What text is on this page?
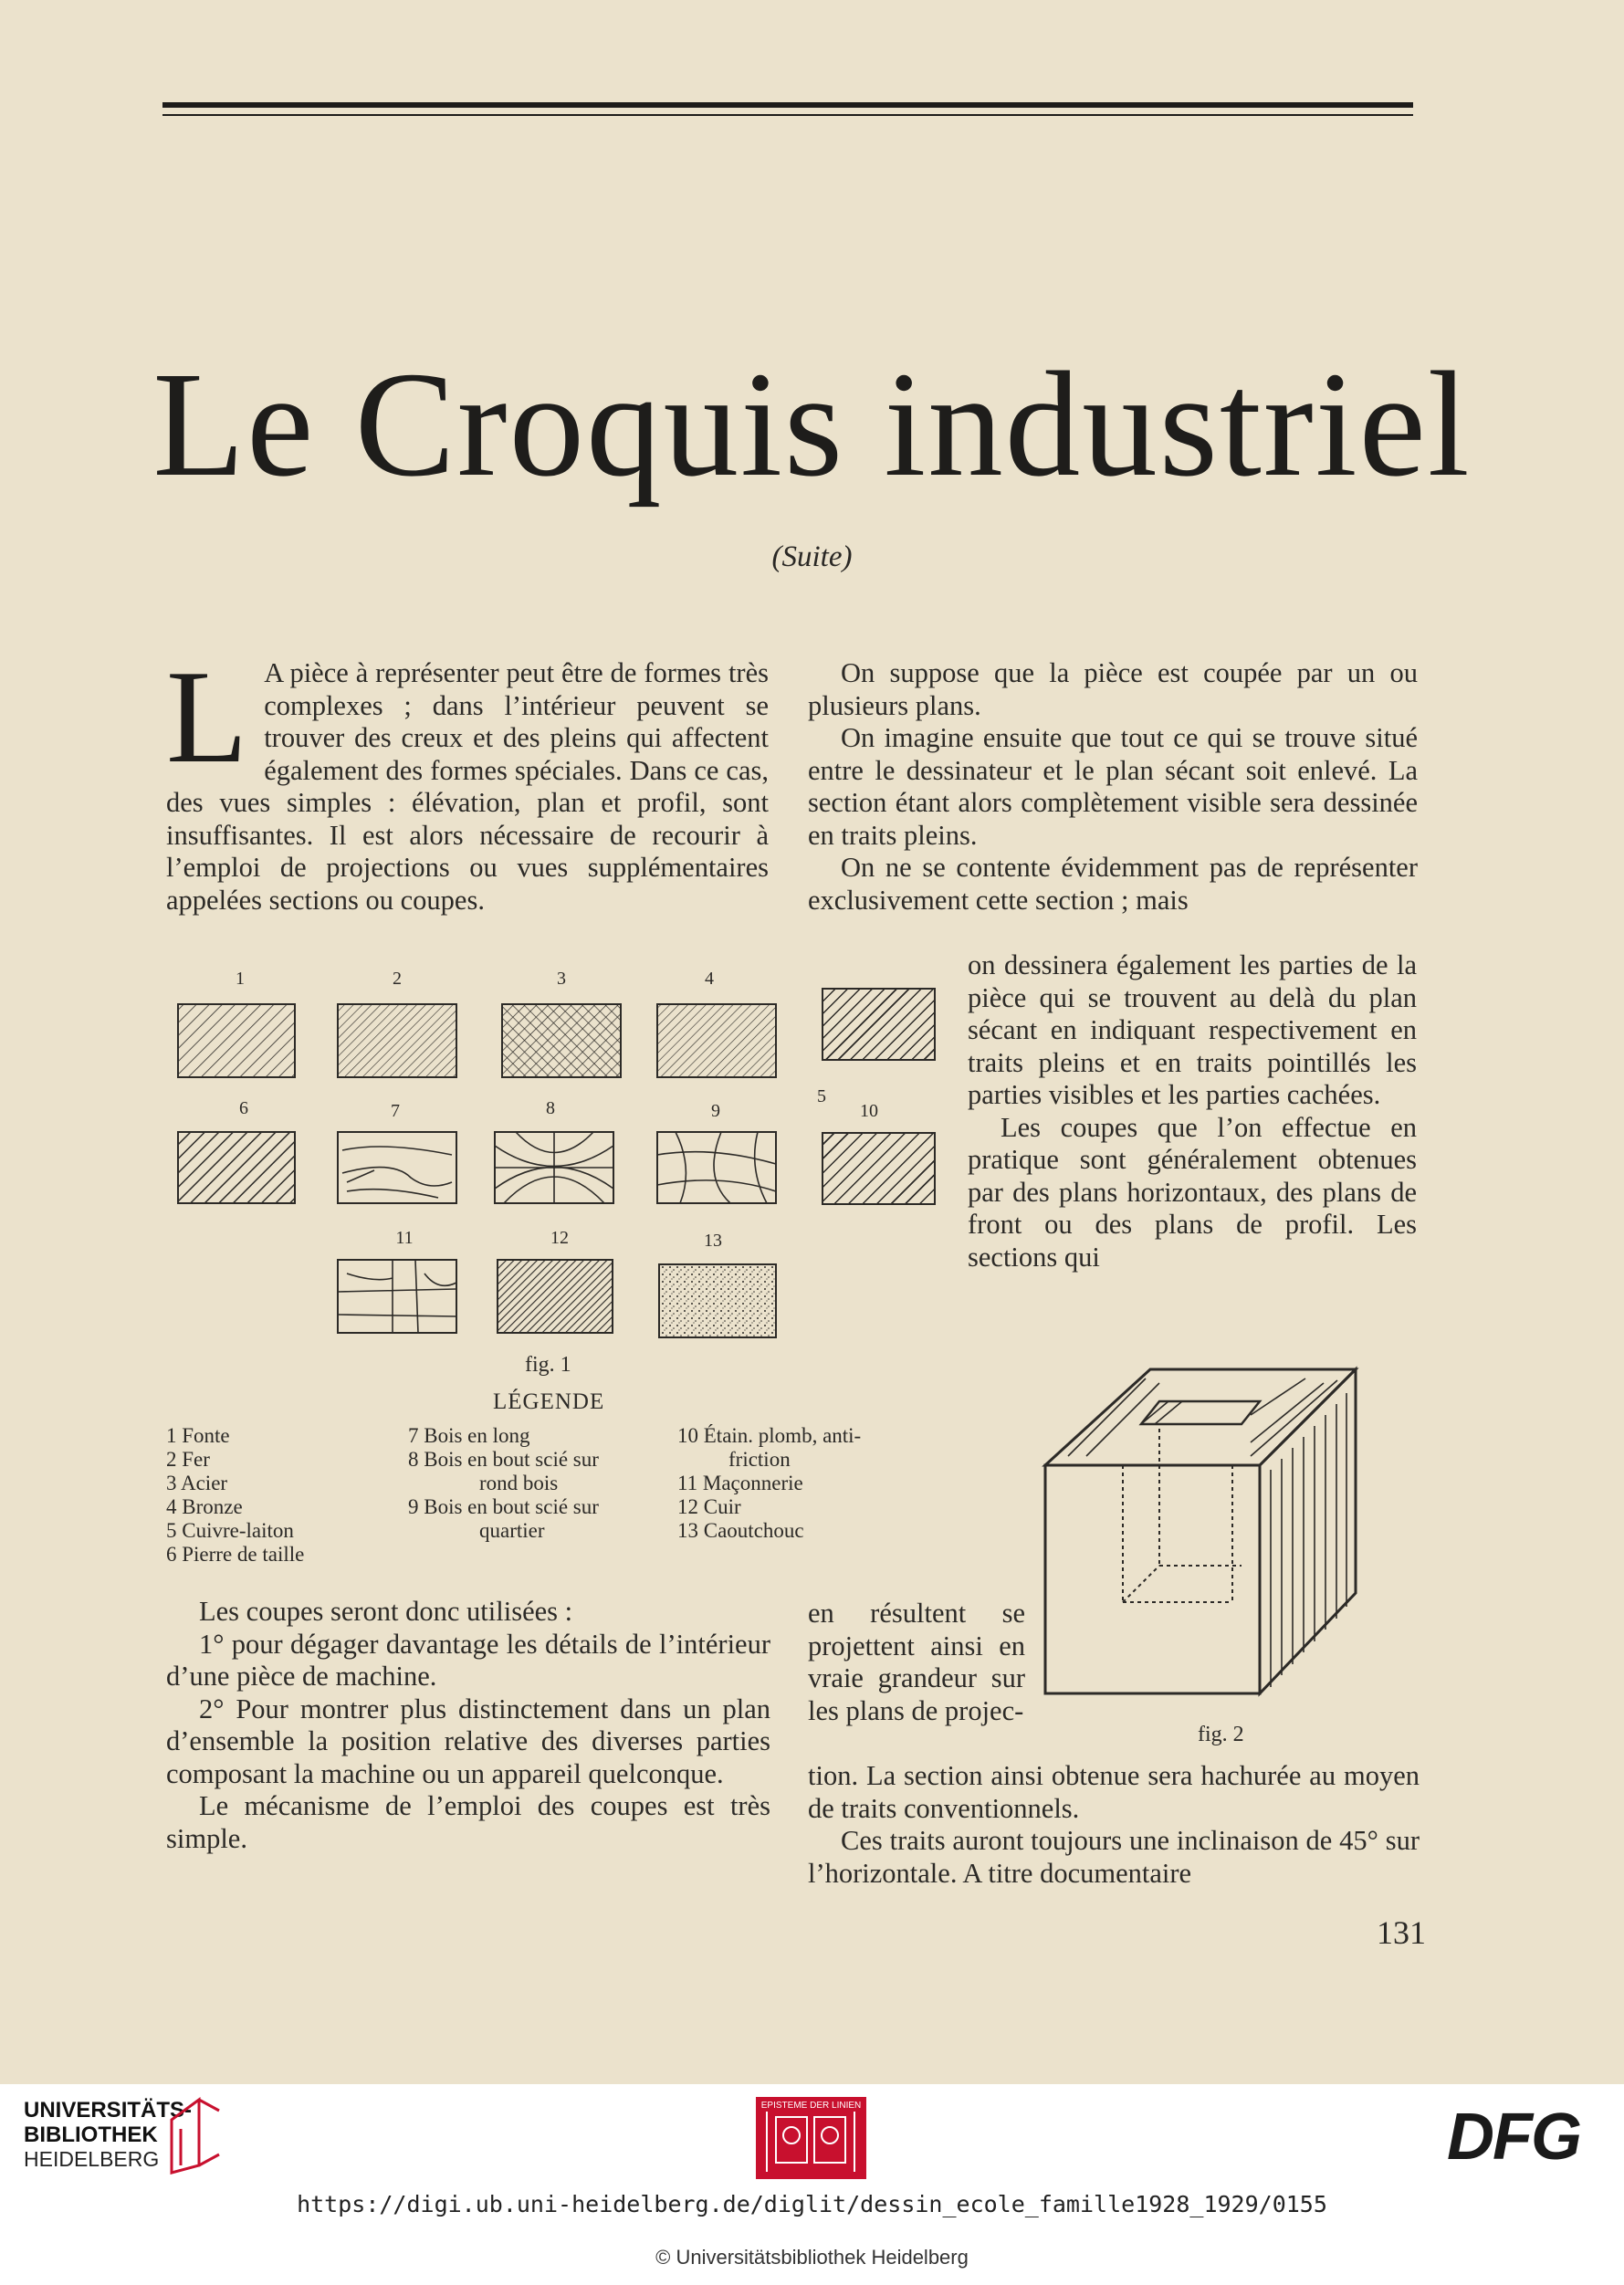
Le Croquis industriel
(Suite)
L A pièce à représenter peut être de formes très complexes ; dans l’intérieur peuvent se trouver des creux et des pleins qui affectent également des formes spéciales. Dans ce cas, des vues simples : élévation, plan et profil, sont insuffisantes. Il est alors nécessaire de recourir à l’emploi de projections ou vues supplémentaires appelées sections ou coupes.

On suppose que la pièce est coupée par un ou plusieurs plans.

On imagine ensuite que tout ce qui se trouve situé entre le dessinateur et le plan sécant soit enlevé. La section étant alors complètement visible sera dessinée en traits pleins.

On ne se contente évidemment pas de représenter exclusivement cette section ; mais

on dessinera également les parties de la pièce qui se trouvent au delà du plan sécant en indiquant respectivement en traits pleins et en traits pointillés les parties visibles et les parties cachées.

Les coupes que l’on effectue en pratique sont généralement obtenues par des plans horizontaux, des plans de front ou des plans de profil. Les sections qui

1	2	3	4
6	7	8	9
11	12	13
5
10
fig. 1
LÉGENDE
1 Fonte
2 Fer
3 Acier
4 Bronze
5 Cuivre-laiton
6 Pierre de taille
7 Bois en long
8 Bois en bout scié sur
rond bois
9 Bois en bout scié sur
quartier
10 Étain. plomb, anti-
friction
11 Maçonnerie
12 Cuir
13 Caoutchouc
fig. 2

Les coupes seront donc utilisées :

1° pour dégager davantage les détails de l’intérieur d’une pièce de machine.

2° Pour montrer plus distinctement dans un plan d’ensemble la position relative des diverses parties composant la machine ou un appareil quelconque.

Le mécanisme de l’emploi des coupes est très simple.

en résultent se projettent ainsi en vraie grandeur sur les plans de projec-

tion. La section ainsi obtenue sera hachurée au moyen de traits conventionnels.

Ces traits auront toujours une inclinaison de 45° sur l’horizontale. A titre documentaire

131
UNIVERSITÄTS-
BIBLIOTHEK
HEIDELBERG
EPISTEME DER LINIEN	DFG
https://digi.ub.uni-heidelberg.de/diglit/dessin_ecole_famille1928_1929/0155
© Universitätsbibliothek Heidelberg
